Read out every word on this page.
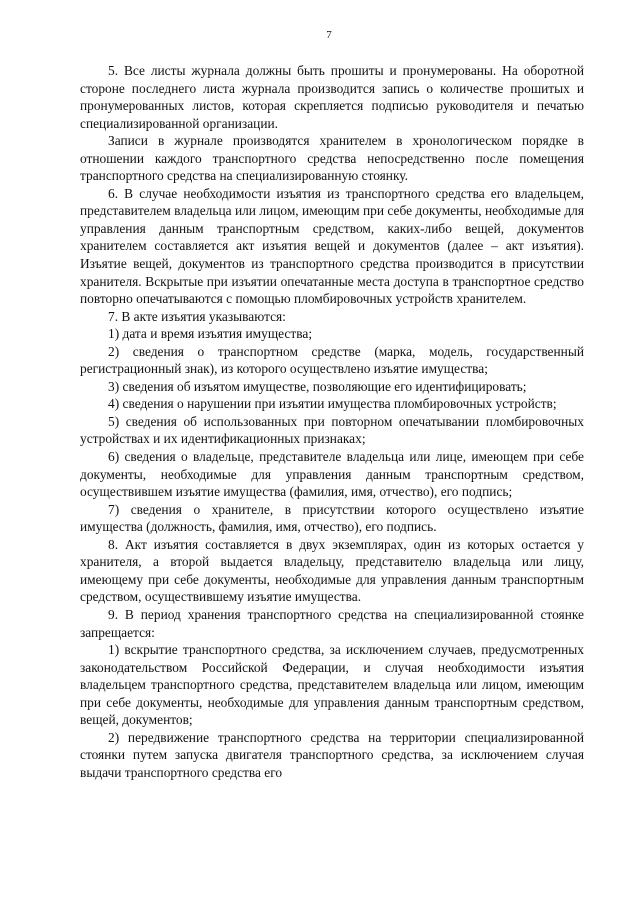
7

5. Все листы журнала должны быть прошиты и пронумерованы. На оборотной стороне последнего листа журнала производится запись о количестве прошитых и пронумерованных листов, которая скрепляется подписью руководителя и печатью специализированной организации.

Записи в журнале производятся хранителем в хронологическом порядке в отношении каждого транспортного средства непосредственно после помещения транспортного средства на специализированную стоянку.

6. В случае необходимости изъятия из транспортного средства его владельцем, представителем владельца или лицом, имеющим при себе документы, необходимые для управления данным транспортным средством, каких-либо вещей, документов хранителем составляется акт изъятия вещей и документов (далее – акт изъятия). Изъятие вещей, документов из транспортного средства производится в присутствии хранителя. Вскрытые при изъятии опечатанные места доступа в транспортное средство повторно опечатываются с помощью пломбировочных устройств хранителем.

7. В акте изъятия указываются:

1) дата и время изъятия имущества;

2) сведения о транспортном средстве (марка, модель, государственный регистрационный знак), из которого осуществлено изъятие имущества;

3) сведения об изъятом имуществе, позволяющие его идентифицировать;

4) сведения о нарушении при изъятии имущества пломбировочных устройств;

5) сведения об использованных при повторном опечатывании пломбировочных устройствах и их идентификационных признаках;

6) сведения о владельце, представителе владельца или лице, имеющем при себе документы, необходимые для управления данным транспортным средством, осуществившем изъятие имущества (фамилия, имя, отчество), его подпись;

7) сведения о хранителе, в присутствии которого осуществлено изъятие имущества (должность, фамилия, имя, отчество), его подпись.

8. Акт изъятия составляется в двух экземплярах, один из которых остается у хранителя, а второй выдается владельцу, представителю владельца или лицу, имеющему при себе документы, необходимые для управления данным транспортным средством, осуществившему изъятие имущества.

9. В период хранения транспортного средства на специализированной стоянке запрещается:

1) вскрытие транспортного средства, за исключением случаев, предусмотренных законодательством Российской Федерации, и случая необходимости изъятия владельцем транспортного средства, представителем владельца или лицом, имеющим при себе документы, необходимые для управления данным транспортным средством, вещей, документов;

2) передвижение транспортного средства на территории специализированной стоянки путем запуска двигателя транспортного средства, за исключением случая выдачи транспортного средства его
